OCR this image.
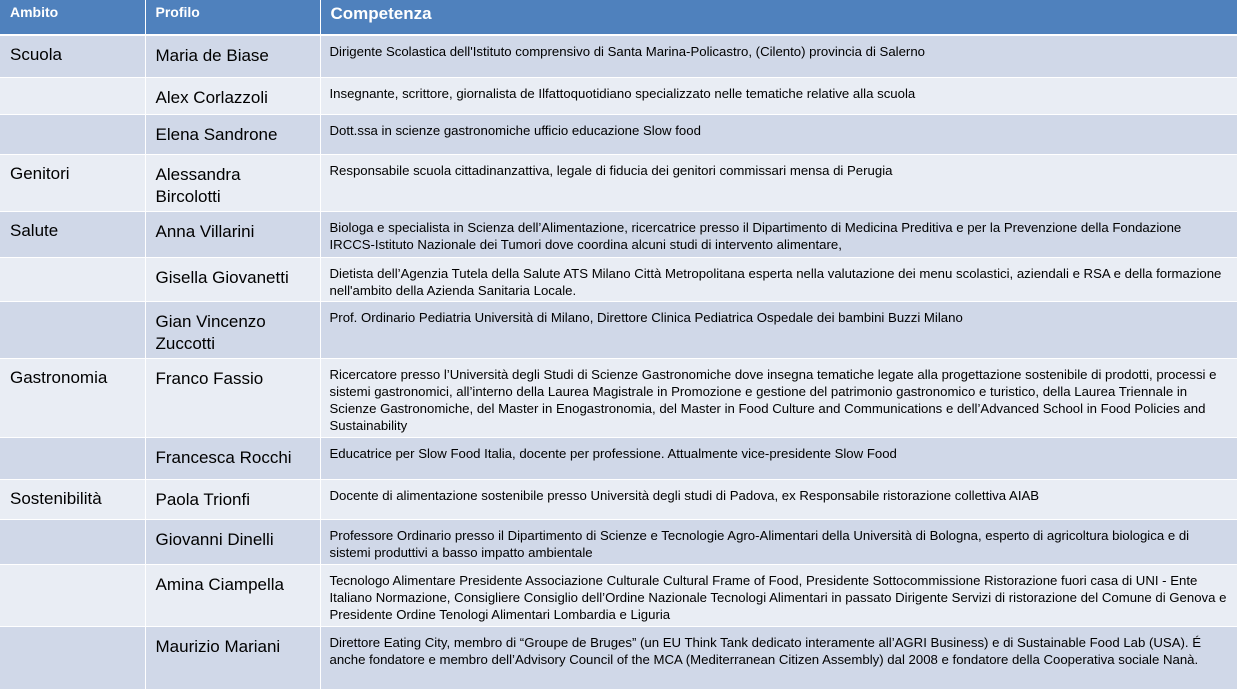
Ambito	Profilo	Competenza
Scuola	Maria de Biase	Dirigente Scolastica dell'Istituto comprensivo di Santa Marina-Policastro, (Cilento) provincia di Salerno
	Alex Corlazzoli	Insegnante, scrittore, giornalista de Ilfattoquotidiano specializzato nelle tematiche relative alla scuola
	Elena Sandrone	Dott.ssa in scienze gastronomiche ufficio educazione Slow food
Genitori	Alessandra Bircolotti	Responsabile scuola cittadinanzattiva, legale di fiducia dei genitori commissari mensa di Perugia
Salute	Anna Villarini	Biologa e specialista in Scienza dell’Alimentazione, ricercatrice presso il Dipartimento di Medicina Preditiva e per la Prevenzione della Fondazione IRCCS-Istituto Nazionale dei Tumori dove coordina alcuni studi di intervento alimentare,
	Gisella Giovanetti	Dietista dell’Agenzia Tutela della Salute ATS Milano Città Metropolitana esperta nella valutazione dei menu scolastici, aziendali e RSA e della formazione nell'ambito della Azienda Sanitaria Locale.
	Gian Vincenzo Zuccotti	Prof. Ordinario Pediatria Università di Milano, Direttore Clinica Pediatrica Ospedale dei bambini Buzzi Milano
Gastronomia	Franco Fassio	Ricercatore presso l’Università degli Studi di Scienze Gastronomiche dove insegna tematiche legate alla progettazione sostenibile di prodotti, processi e sistemi gastronomici, all’interno della Laurea Magistrale in Promozione e gestione del patrimonio gastronomico e turistico, della Laurea Triennale in Scienze Gastronomiche, del Master in Enogastronomia, del Master in Food Culture and Communications e dell’Advanced School in Food Policies and Sustainability
	Francesca Rocchi	Educatrice per Slow Food Italia, docente per professione. Attualmente vice-presidente Slow Food
Sostenibilità	Paola Trionfi	Docente di alimentazione sostenibile presso Università degli studi di Padova, ex Responsabile ristorazione collettiva AIAB
	Giovanni Dinelli	Professore Ordinario presso il Dipartimento di Scienze e Tecnologie Agro-Alimentari della Università di Bologna, esperto di agricoltura biologica e di sistemi produttivi a basso impatto ambientale
	Amina Ciampella	Tecnologo Alimentare Presidente Associazione Culturale Cultural Frame of Food, Presidente Sottocommissione Ristorazione fuori casa di UNI - Ente Italiano Normazione, Consigliere Consiglio dell’Ordine Nazionale Tecnologi Alimentari in passato Dirigente Servizi di ristorazione del Comune di Genova e Presidente Ordine Tenologi Alimentari Lombardia e Liguria
	Maurizio Mariani	Direttore Eating City, membro di “Groupe de Bruges” (un EU Think Tank dedicato interamente all’AGRI Business) e di Sustainable Food Lab (USA). É anche fondatore e membro dell’Advisory Council of the MCA (Mediterranean Citizen Assembly) dal 2008 e fondatore della Cooperativa sociale Nanà.
